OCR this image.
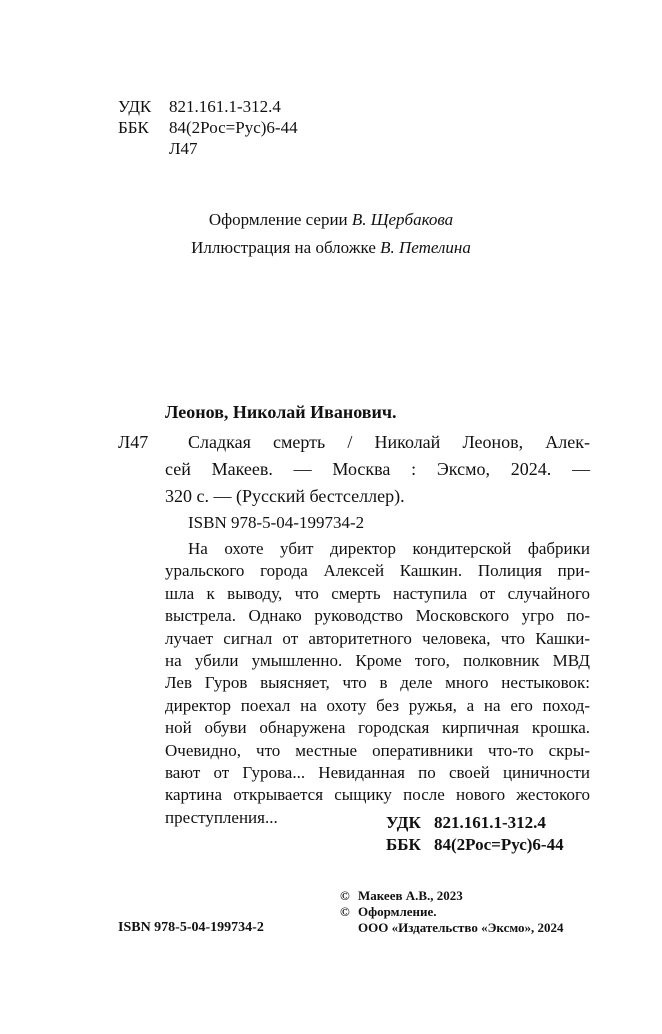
УДК	821.161.1-312.4
ББК	84(2Рос=Рус)6-44
Л47
Оформление серии В. Щербакова
Иллюстрация на обложке В. Петелина
Леонов, Николай Иванович.
Л47	Сладкая смерть / Николай Леонов, Алек-
сей Макеев. — Москва : Эксмо, 2024. —
320 с. — (Русский бестселлер).
ISBN 978-5-04-199734-2
На охоте убит директор кондитерской фабрики
уральского города Алексей Кашкин. Полиция при-
шла к выводу, что смерть наступила от случайного
выстрела. Однако руководство Московского угро по-
лучает сигнал от авторитетного человека, что Кашки-
на убили умышленно. Кроме того, полковник МВД
Лев Гуров выясняет, что в деле много нестыковок:
директор поехал на охоту без ружья, а на его поход-
ной обуви обнаружена городская кирпичная крошка.
Очевидно, что местные оперативники что-то скры-
вают от Гурова... Невиданная по своей циничности
картина открывается сыщику после нового жестокого
преступления...	УДК 821.161.1-312.4
ББК 84(2Рос=Рус)6-44
© Макеев А.В., 2023
© Оформление.
ООО «Издательство «Эксмо», 2024
ISBN 978-5-04-199734-2
